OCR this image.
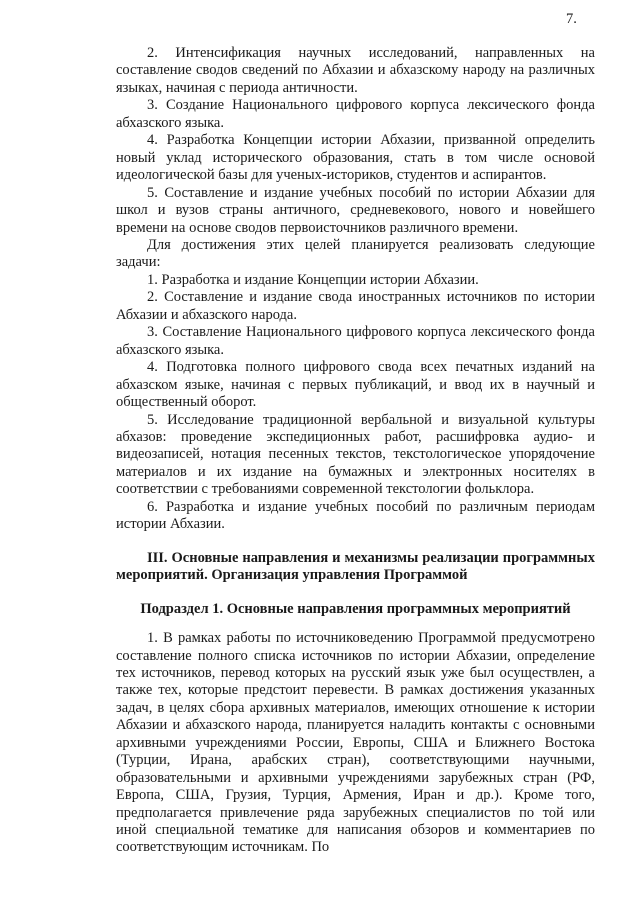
7.

2. Интенсификация научных исследований, направленных на составление сводов сведений по Абхазии и абхазскому народу на различных языках, начиная с периода античности.

3. Создание Национального цифрового корпуса лексического фонда абхазского языка.

4. Разработка Концепции истории Абхазии, призванной определить новый уклад исторического образования, стать в том числе основой идеологической базы для ученых-историков, студентов и аспирантов.

5. Составление и издание учебных пособий по истории Абхазии для школ и вузов страны античного, средневекового, нового и новейшего времени на основе сводов первоисточников различного времени.

Для достижения этих целей планируется реализовать следующие задачи:

1. Разработка и издание Концепции истории Абхазии.

2. Составление и издание свода иностранных источников по истории Абхазии и абхазского народа.

3. Составление Национального цифрового корпуса лексического фонда абхазского языка.

4. Подготовка полного цифрового свода всех печатных изданий на абхазском языке, начиная с первых публикаций, и ввод их в научный и общественный оборот.

5. Исследование традиционной вербальной и визуальной культуры абхазов: проведение экспедиционных работ, расшифровка аудио- и видеозаписей, нотация песенных текстов, текстологическое упорядочение материалов и их издание на бумажных и электронных носителях в соответствии с требованиями современной текстологии фольклора.

6. Разработка и издание учебных пособий по различным периодам истории Абхазии.

III. Основные направления и механизмы реализации программных мероприятий. Организация управления Программой

Подраздел 1. Основные направления программных мероприятий

1. В рамках работы по источниковедению Программой предусмотрено составление полного списка источников по истории Абхазии, определение тех источников, перевод которых на русский язык уже был осуществлен, а также тех, которые предстоит перевести. В рамках достижения указанных задач, в целях сбора архивных материалов, имеющих отношение к истории Абхазии и абхазского народа, планируется наладить контакты с основными архивными учреждениями России, Европы, США и Ближнего Востока (Турции, Ирана, арабских стран), соответствующими научными, образовательными и архивными учреждениями зарубежных стран (РФ, Европа, США, Грузия, Турция, Армения, Иран и др.). Кроме того, предполагается привлечение ряда зарубежных специалистов по той или иной специальной тематике для написания обзоров и комментариев по соответствующим источникам. По
